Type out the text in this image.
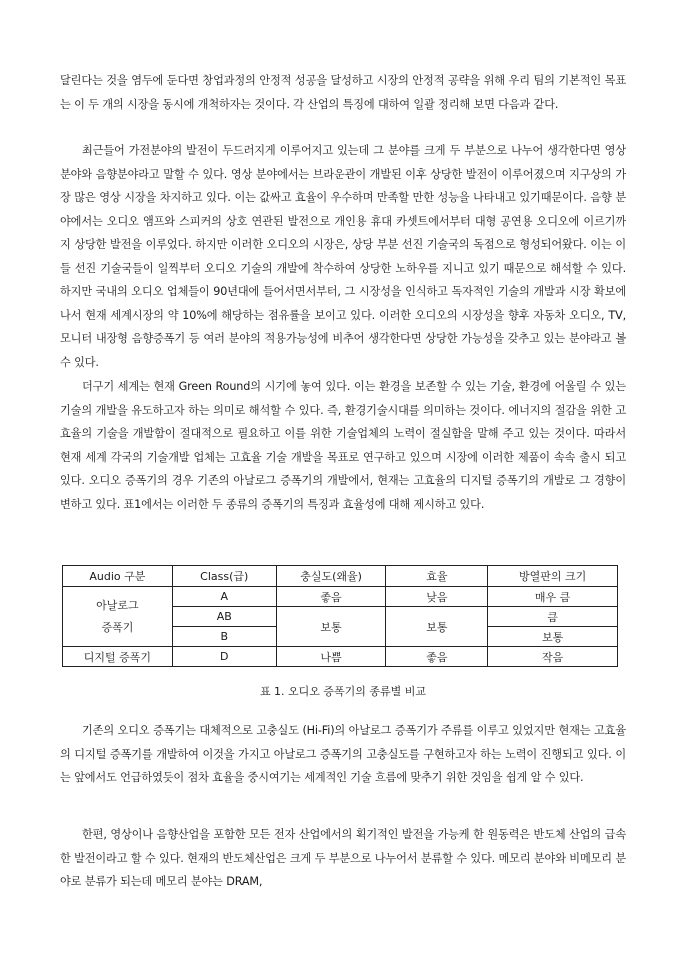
달린다는 것을 염두에 둔다면 창업과정의 안정적 성공을 달성하고 시장의 안정적 공략을 위해 우리 팀의 기본적인 목표는 이 두 개의 시장을 동시에 개척하자는 것이다. 각 산업의 특징에 대하여 일괄 정리해 보면 다음과 같다.

최근들어 가전분야의 발전이 두드러지게 이루어지고 있는데 그 분야를 크게 두 부분으로 나누어 생각한다면 영상분야와 음향분야라고 말할 수 있다. 영상 분야에서는 브라운관이 개발된 이후 상당한 발전이 이루어졌으며 지구상의 가장 많은 영상 시장을 차지하고 있다. 이는 값싸고 효율이 우수하며 만족할 만한 성능을 나타내고 있기때문이다. 음향 분야에서는 오디오 앰프와 스피커의 상호 연관된 발전으로 개인용 휴대 카셋트에서부터 대형 공연용 오디오에 이르기까지 상당한 발전을 이루었다. 하지만 이러한 오디오의 시장은, 상당 부분 선진 기술국의 독점으로 형성되어왔다. 이는 이들 선진 기술국들이 일찍부터 오디오 기술의 개발에 착수하여 상당한 노하우를 지니고 있기 때문으로 해석할 수 있다. 하지만 국내의 오디오 업체들이 90년대에 들어서면서부터, 그 시장성을 인식하고 독자적인 기술의 개발과 시장 확보에 나서 현재 세계시장의 약 10%에 해당하는 점유률을 보이고 있다. 이러한 오디오의 시장성을 향후 자동차 오디오, TV, 모니터 내장형 음향증폭기 등 여러 분야의 적용가능성에 비추어 생각한다면 상당한 가능성을 갖추고 있는 분야라고 볼 수 있다.

더구기 세계는 현재 Green Round의 시기에 놓여 있다. 이는 환경을 보존할 수 있는 기술, 환경에 어울릴 수 있는 기술의 개발을 유도하고자 하는 의미로 해석할 수 있다. 즉, 환경기술시대를 의미하는 것이다. 에너지의 절감을 위한 고효율의 기술을 개발함이 절대적으로 필요하고 이를 위한 기술업체의 노력이 절실함을 말해 주고 있는 것이다. 따라서 현재 세계 각국의 기술개발 업체는 고효율 기술 개발을 목표로 연구하고 있으며 시장에 이러한 제품이 속속 출시 되고 있다. 오디오 증폭기의 경우 기존의 아날로그 증폭기의 개발에서, 현재는 고효율의 디지털 증폭기의 개발로 그 경향이 변하고 있다. 표1에서는 이러한 두 종류의 증폭기의 특징과 효율성에 대해 제시하고 있다.

Audio 구분	Class(급)	충실도(왜율)	효율	방열판의 크기
아날로그
증폭기	A	좋음	낮음	매우 큼
	AB	보통	보통	큼
	B			보통
디지털 증폭기	D	나쁨	좋음	작음
표 1. 오디오 증폭기의 종류별 비교

기존의 오디오 증폭기는 대체적으로 고충실도 (Hi-Fi)의 아날로그 증폭기가 주류를 이루고 있었지만 현재는 고효율의 디지털 증폭기를 개발하여 이것을 가지고 아날로그 증폭기의 고충실도를 구현하고자 하는 노력이 진행되고 있다. 이는 앞에서도 언급하였듯이 점차 효율을 중시여기는 세계적인 기술 흐름에 맞추기 위한 것임을 쉽게 알 수 있다.

한편, 영상이나 음향산업을 포함한 모든 전자 산업에서의 획기적인 발전을 가능케 한 원동력은 반도체 산업의 급속한 발전이라고 할 수 있다. 현재의 반도체산업은 크게 두 부분으로 나누어서 분류할 수 있다. 메모리 분야와 비메모리 분야로 분류가 되는데 메모리 분야는 DRAM,
